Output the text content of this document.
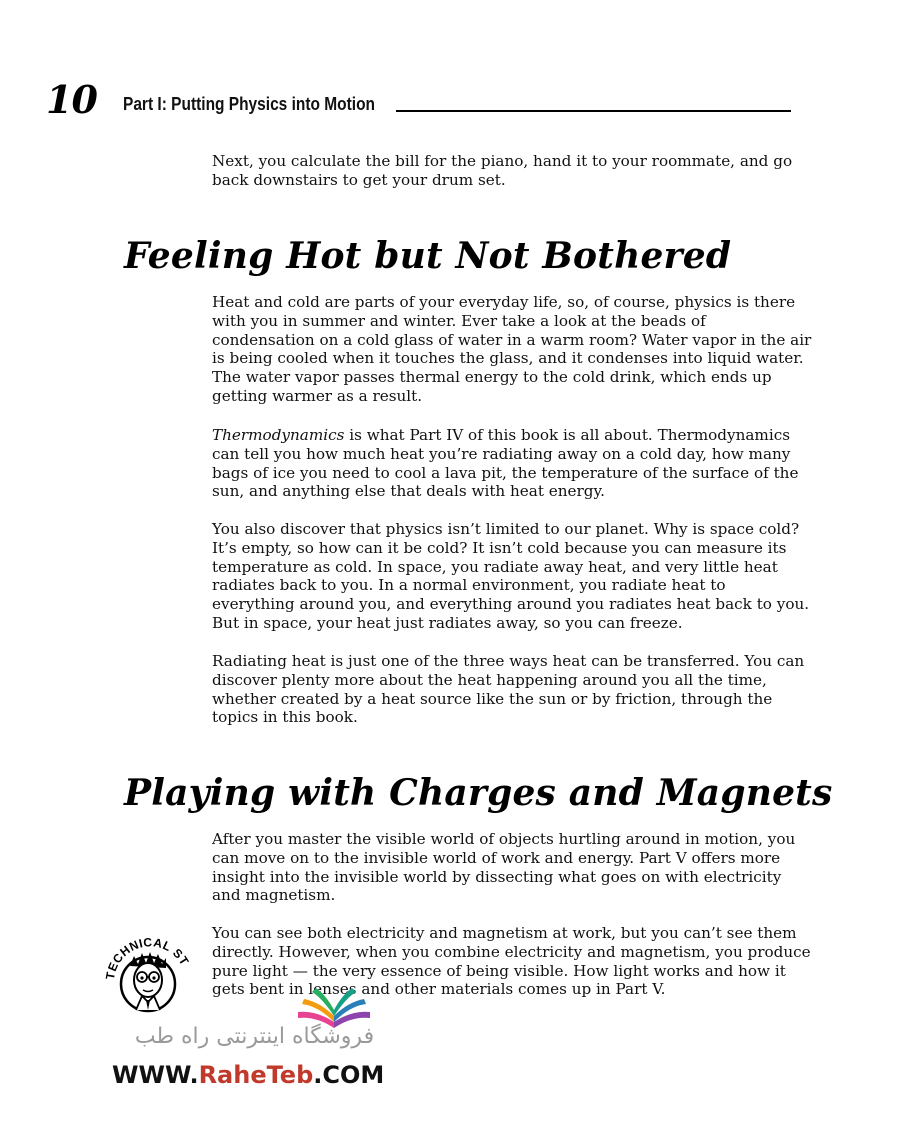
10 Part I: Putting Physics into Motion

Next, you calculate the bill for the piano, hand it to your roommate, and go back downstairs to get your drum set.

Feeling Hot but Not Bothered

Heat and cold are parts of your everyday life, so, of course, physics is there with you in summer and winter. Ever take a look at the beads of condensation on a cold glass of water in a warm room? Water vapor in the air is being cooled when it touches the glass, and it condenses into liquid water. The water vapor passes thermal energy to the cold drink, which ends up getting warmer as a result.

Thermodynamics is what Part IV of this book is all about. Thermodynamics can tell you how much heat you’re radiating away on a cold day, how many bags of ice you need to cool a lava pit, the temperature of the surface of the sun, and anything else that deals with heat energy.

You also discover that physics isn’t limited to our planet. Why is space cold? It’s empty, so how can it be cold? It isn’t cold because you can measure its temperature as cold. In space, you radiate away heat, and very little heat radiates back to you. In a normal environment, you radiate heat to everything around you, and everything around you radiates heat back to you. But in space, your heat just radiates away, so you can freeze.

Radiating heat is just one of the three ways heat can be transferred. You can discover plenty more about the heat happening around you all the time, whether created by a heat source like the sun or by friction, through the topics in this book.

Playing with Charges and Magnets

After you master the visible world of objects hurtling around in motion, you can move on to the invisible world of work and energy. Part V offers more insight into the invisible world by dissecting what goes on with electricity and magnetism.

You can see both electricity and magnetism at work, but you can’t see them directly. However, when you combine electricity and magnetism, you produce pure light — the very essence of being visible. How light works and how it gets bent in lenses and other materials comes up in Part V.

TECHNICAL ST
فروشگاه اینترنتی راه طب
WWW.RaheTeb.COM
